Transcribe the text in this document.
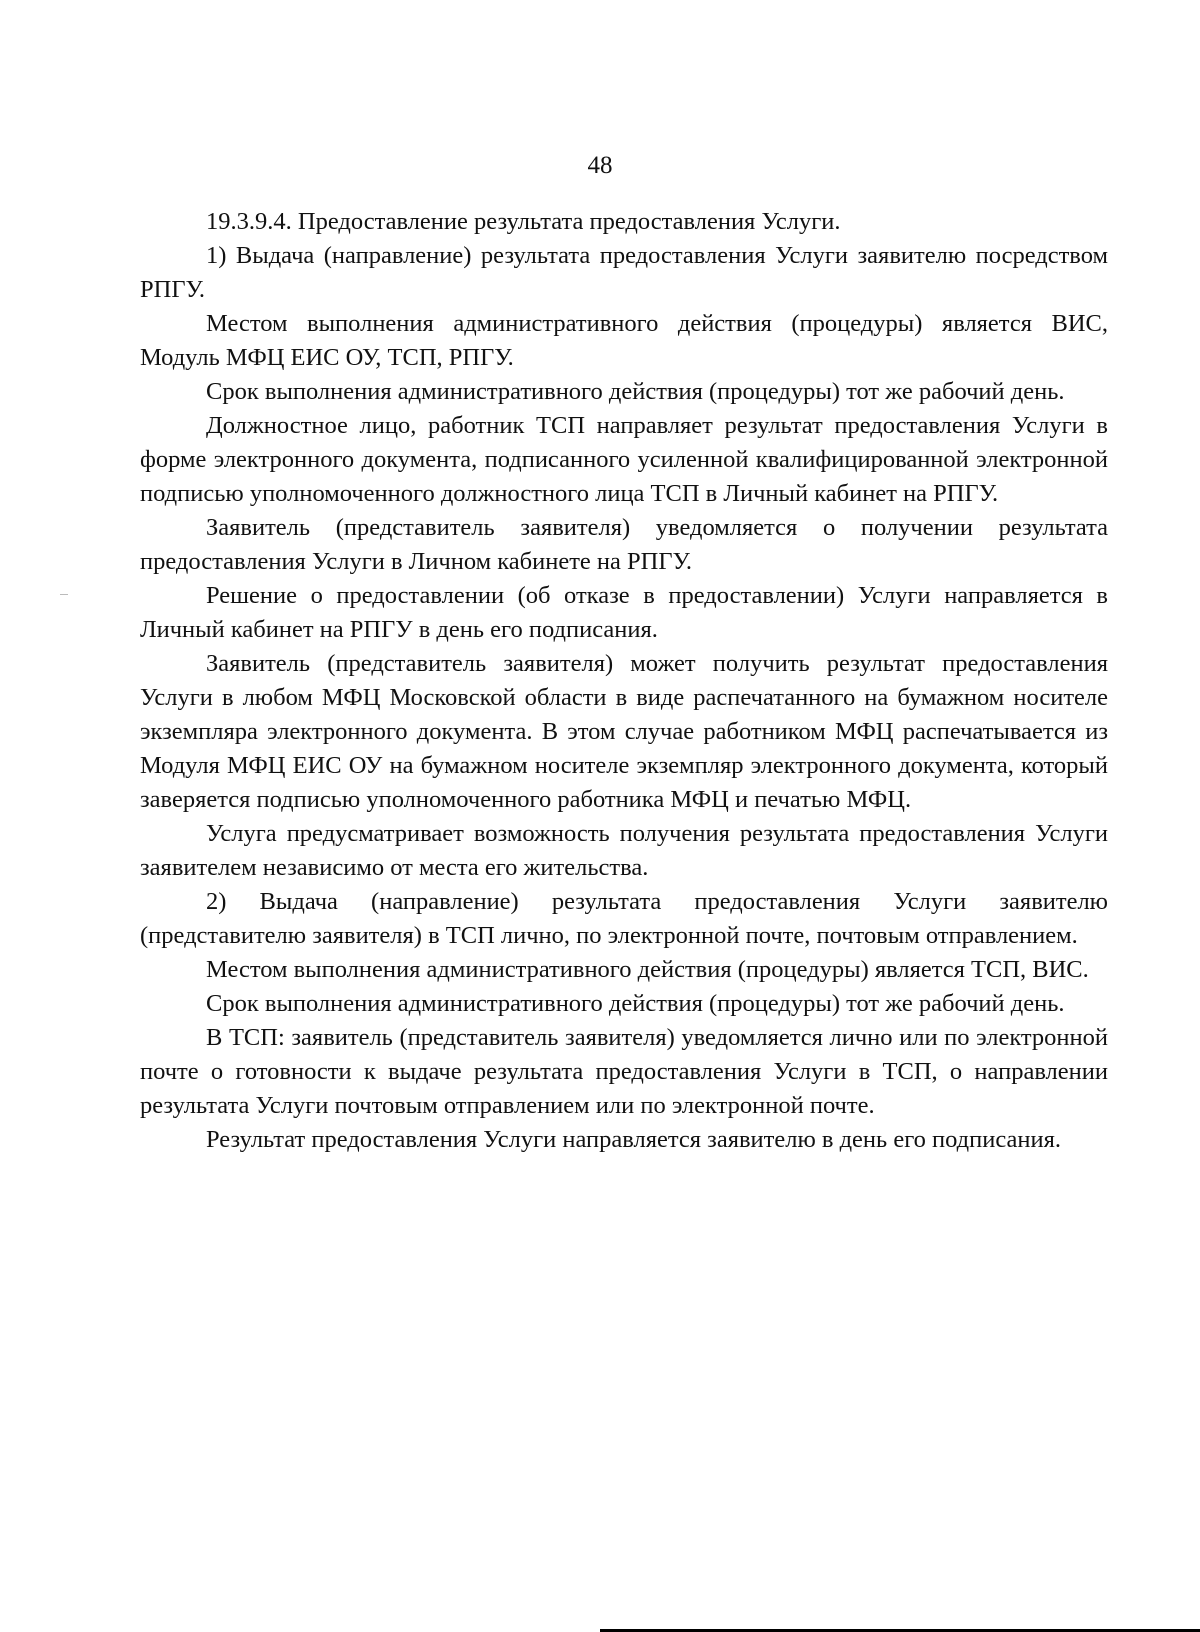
48

19.3.9.4. Предоставление результата предоставления Услуги.

1) Выдача (направление) результата предоставления Услуги заявителю посредством РПГУ.

Местом выполнения административного действия (процедуры) является ВИС, Модуль МФЦ ЕИС ОУ, ТСП, РПГУ.

Срок выполнения административного действия (процедуры) тот же рабочий день.

Должностное лицо, работник ТСП направляет результат предоставления Услуги в форме электронного документа, подписанного усиленной квалифицированной электронной подписью уполномоченного должностного лица ТСП в Личный кабинет на РПГУ.

Заявитель (представитель заявителя) уведомляется о получении результата предоставления Услуги в Личном кабинете на РПГУ.

Решение о предоставлении (об отказе в предоставлении) Услуги направляется в Личный кабинет на РПГУ в день его подписания.

Заявитель (представитель заявителя) может получить результат предоставления Услуги в любом МФЦ Московской области в виде распечатанного на бумажном носителе экземпляра электронного документа. В этом случае работником МФЦ распечатывается из Модуля МФЦ ЕИС ОУ на бумажном носителе экземпляр электронного документа, который заверяется подписью уполномоченного работника МФЦ и печатью МФЦ.

Услуга предусматривает возможность получения результата предоставления Услуги заявителем независимо от места его жительства.

2) Выдача (направление) результата предоставления Услуги заявителю (представителю заявителя) в ТСП лично, по электронной почте, почтовым отправлением.

Местом выполнения административного действия (процедуры) является ТСП, ВИС.

Срок выполнения административного действия (процедуры) тот же рабочий день.

В ТСП: заявитель (представитель заявителя) уведомляется лично или по электронной почте о готовности к выдаче результата предоставления Услуги в ТСП, о направлении результата Услуги почтовым отправлением или по электронной почте.

Результат предоставления Услуги направляется заявителю в день его подписания.
